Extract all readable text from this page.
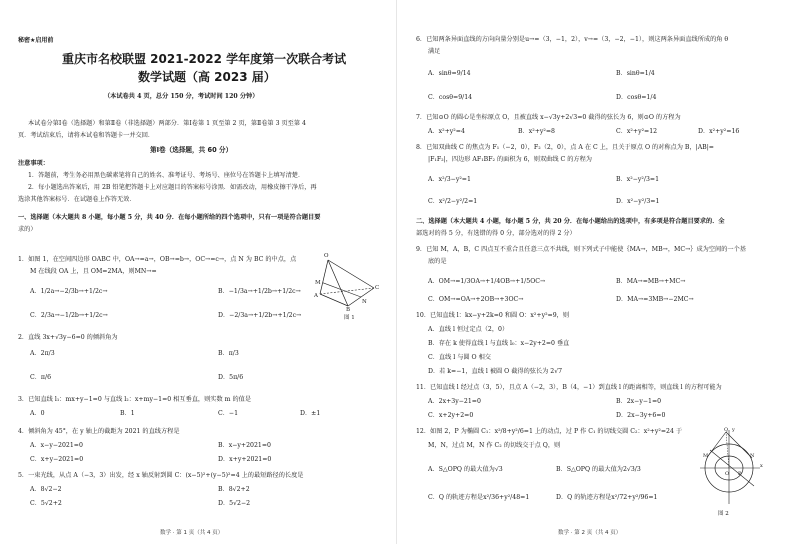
秘密★启用前
重庆市名校联盟 2021-2022 学年度第一次联合考试
数学试题（高 2023 届）
（本试卷共 4 页，总分 150 分，考试时间 120 分钟）
本试卷分第Ⅰ卷（选择题）和第Ⅱ卷（非选择题）两部分．第Ⅰ卷第 1 页至第 2 页，第Ⅱ卷第 3 页至第 4
页．考试结束后，请将本试卷和答题卡一并交回．
第Ⅰ卷（选择题，共 60 分）
注意事项：
1．答题前，考生务必用黑色碳素笔将自己的姓名、准考证号、考场号、座位号在答题卡上填写清楚．
2．每小题选出答案后，用 2B 铅笔把答题卡上对应题目的答案标号涂黑．如需改动，用橡皮擦干净后，再
选涂其他答案标号．在试题卷上作答无效．
一、选择题（本大题共 8 小题，每小题 5 分，共 40 分．在每小题所给的四个选项中，只有一项是符合题目要
求的）
1．如图 1，在空间四边形 OABC 中，OA→=a→，OB→=b→，OC→=c→，点 N 为 BC 的中点，点
M 在线段 OA 上，且 OM=2MA，则MN→=
A．1/2a→−2/3b→+1/2c→	B．−1/3a→+1/2b→+1/2c→
C．2/3a→−1/2b→+1/2c→	D．−2/3a→+1/2b→+1/2c→
O
M
A
B
C
N
图 1
2．直线 3x+√3y−6=0 的倾斜角为
A．2π/3	B．π/3
C．π/6	D．5π/6
3．已知直线 l₁：mx+y−1=0 与直线 l₂：x+my−1=0 相互垂直，则实数 m 的值是
A．0	B．1	C．−1	D．±1
4．倾斜角为 45°，在 y 轴上的截距为 2021 的直线方程是
A．x−y−2021=0	B．x−y+2021=0
C．x+y−2021=0	D．x+y+2021=0
5．一束光线，从点 A（−3，3）出发，经 x 轴反射到圆 C：(x−5)²+(y−5)²=4 上的最短路径的长度是
A．8√2−2	B．8√2+2
C．5√2+2	D．5√2−2
数学 · 第 1 页（共 4 页）
6．已知两条异面直线的方向向量分别是u→=（3，−1，2），v→=（3，−2，−1），则这两条异面直线所成的角 θ
满足
A．sinθ=9/14	B．sinθ=1/4
C．cosθ=9/14	D．cosθ=1/4
7．已知⊙O 的圆心是坐标原点 O，且被直线 x−√3y+2√3=0 截得的弦长为 6，则⊙O 的方程为
A．x²+y²=4	B．x²+y²=8	C．x²+y²=12	D．x²+y²=16
8．已知双曲线 C 的焦点为 F₁（−2，0），F₂（2，0），点 A 在 C 上，且关于原点 O 的对称点为 B，|AB|=
|F₁F₂|，四边形 AF₁BF₂ 的面积为 6，则双曲线 C 的方程为
A．x²/3−y²=1	B．x²−y²/3=1
C．x²/2−y²/2=1	D．x²−y²/3=1
二、选择题（本大题共 4 小题，每小题 5 分，共 20 分．在每小题给出的选项中，有多项是符合题目要求的．全
部选对的得 5 分，有选错的得 0 分，部分选对的得 2 分）
9．已知 M，A，B，C 四点互不重合且任意三点不共线，则下列式子中能使｛MA→，MB→，MC→｝成为空间的一个基
底的是
A．OM→=1/3OA→+1/4OB→+1/5OC→	B．MA→=MB→+MC→
C．OM→=OA→+2OB→+3OC→	D．MA→=3MB→−2MC→
10．已知直线 l：kx−y+2k=0 和圆 O：x²+y²=9，则
A．直线 l 恒过定点（2，0）
B．存在 k 使得直线 l 与直线 l₀：x−2y+2=0 垂直
C．直线 l 与圆 O 相交
D．若 k=−1，直线 l 被圆 O 截得的弦长为 2√7
11．已知直线 l 经过点（3，5），且点 A（−2，3），B（4，−1）到直线 l 的距离相等，则直线 l 的方程可能为
A．2x+3y−21=0	B．2x−y−1=0
C．x+2y+2=0	D．2x−3y+6=0
12．如图 2，P 为椭圆 C₁：x²/8+y²/6=1 上的动点，过 P 作 C₁ 的切线交圆 C₂：x²+y²=24 于
M，N，过点 M，N 作 C₂ 的切线交于点 Q，则
A．S△OPQ 的最大值为√3	B．S△OPQ 的最大值为2√3/3
C．Q 的轨迹方程是x²/36+y²/48=1	D．Q 的轨迹方程是x²/72+y²/96=1
Q
M	N
P
O
x
y
图 2
数学 · 第 2 页（共 4 页）
